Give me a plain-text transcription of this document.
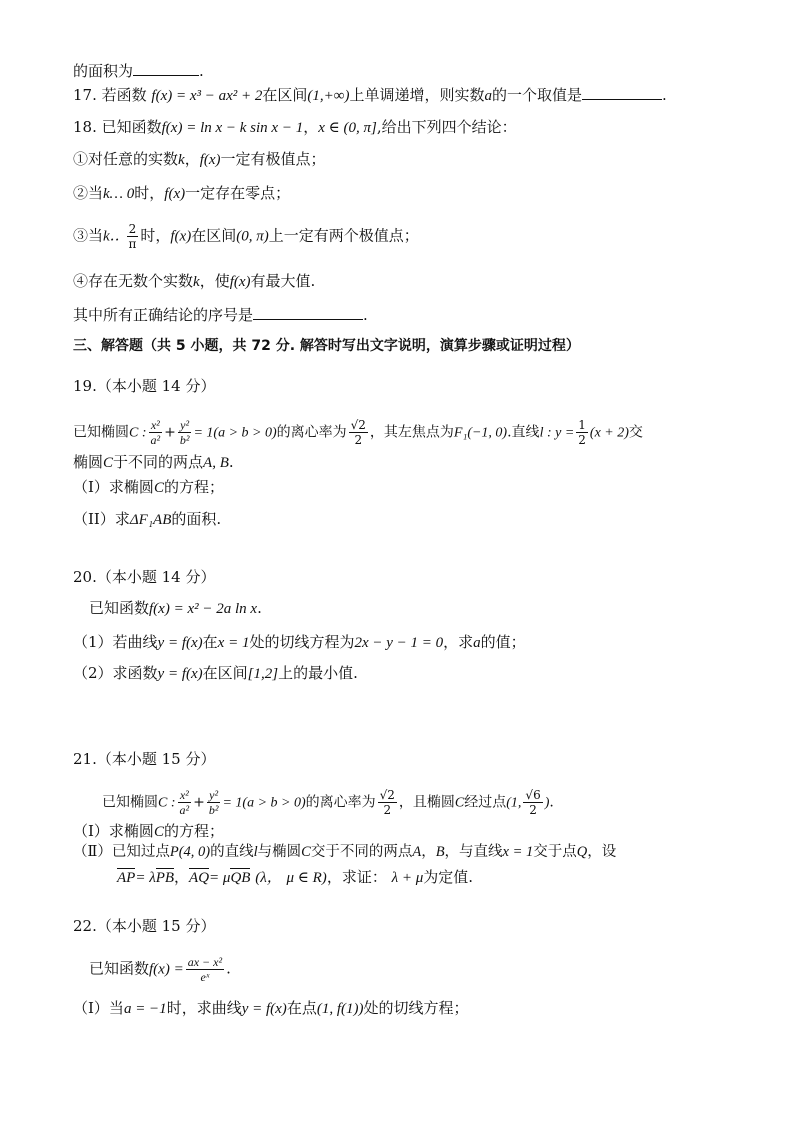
的面积为	.
17. 若函数 f(x) = x³ − ax² + 2在区间(1,+∞)上单调递增，则实数a的一个取值是	.
18. 已知函数f(x) = ln x − k sin x − 1，x ∈ (0, π],给出下列四个结论：
①对任意的实数k，f(x)一定有极值点；
②当k… 0时，f(x)一定存在零点；
③当k‥ $\frac{2}{\pi}$ 时，f(x)在区间(0, π)上一定有两个极值点；
④存在无数个实数k，使f(x)有最大值.
其中所有正确结论的序号是	.
三、解答题（共 5 小题，共 72 分. 解答时写出文字说明，演算步骤或证明过程）
19.（本小题 14 分）
已知椭圆C : $\frac{\text{x²}}{\text{a²}} + \frac{\text{y²}}{\text{b²}} = 1(a > b > 0)$的离心率为 $\frac{√2}{2}$ ，其左焦点为F₁(−1, 0).直线l : $y = \frac{1}{2} (x + 2)$交
椭圆C于不同的两点A, B.
（I）求椭圆C的方程；
（II）求ΔF₁AB的面积.
20.（本小题 14 分）
已知函数f(x) = x² − 2a ln x.
（1）若曲线y = f(x)在x = 1处的切线方程为2x − y − 1 = 0，求a的值；
（2）求函数y = f(x)在区间[1,2]上的最小值.
21.（本小题 15 分）
已知椭圆C : $\frac{\text{x²}}{\text{a²}} + \frac{\text{y²}}{\text{b²}} = 1(a > b > 0)$的离心率为 $\frac{√2}{2}$ ，且椭圆C经过点(1, $\frac{√6}{2}$ ).
（Ⅰ）求椭圆C的方程；
（Ⅱ）已知过点P(4, 0)的直线l与椭圆C交于不同的两点A，B，与直线x = 1交于点Q，设
AP= λPB，AQ= μQB (λ， μ ∈ R)，求证： λ + μ为定值.
22.（本小题 15 分）
已知函数$f(x) = \frac{\text{ax − x²}}{\text{eˣ}}$ .
（Ⅰ）当a = −1时，求曲线y = f(x)在点(1, f(1))处的切线方程；
